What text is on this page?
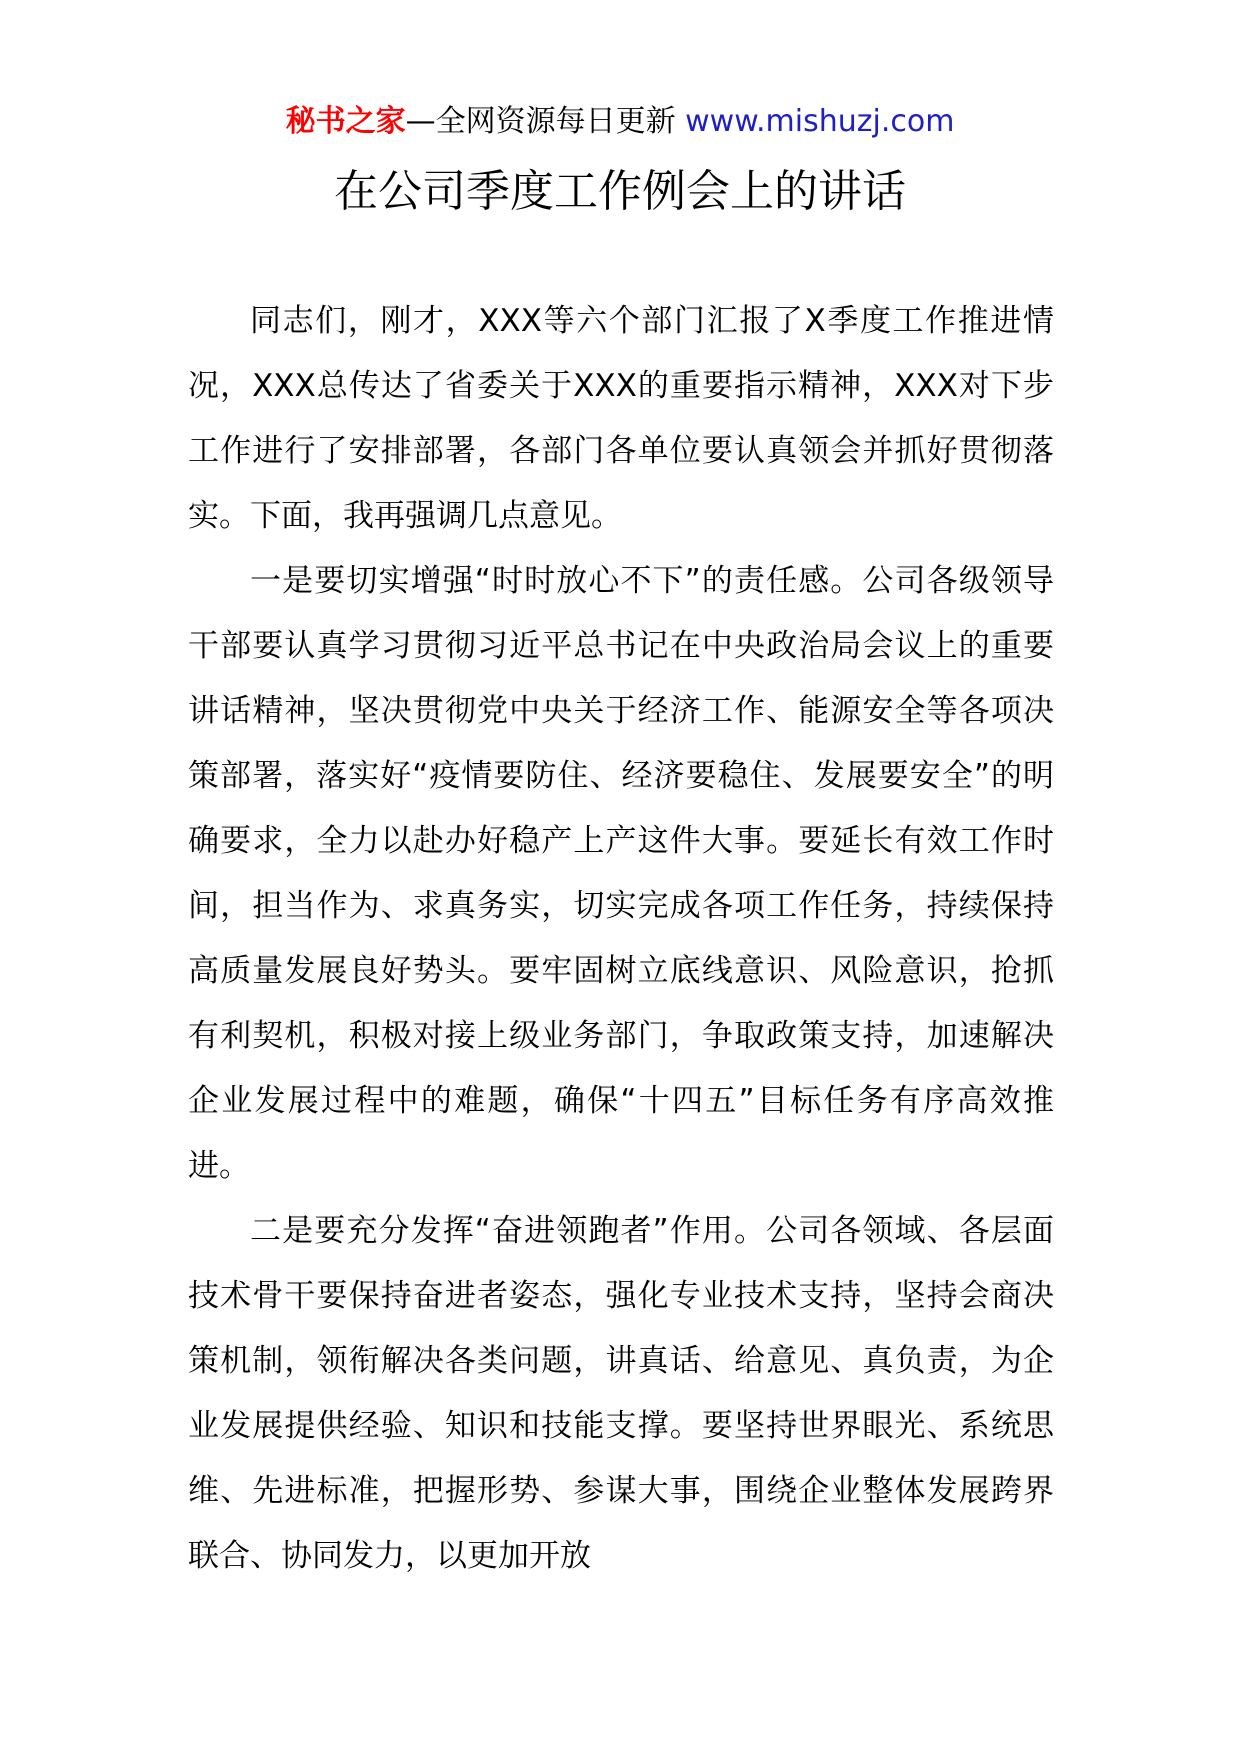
秘书之家—全网资源每日更新 www.mishuzj.com
在公司季度工作例会上的讲话

同志们，刚才，XXX等六个部门汇报了X季度工作推进情况，XXX总传达了省委关于XXX的重要指示精神，XXX对下步工作进行了安排部署，各部门各单位要认真领会并抓好贯彻落实。下面，我再强调几点意见。

一是要切实增强“时时放心不下”的责任感。公司各级领导干部要认真学习贯彻习近平总书记在中央政治局会议上的重要讲话精神，坚决贯彻党中央关于经济工作、能源安全等各项决策部署，落实好“疫情要防住、经济要稳住、发展要安全”的明确要求，全力以赴办好稳产上产这件大事。要延长有效工作时间，担当作为、求真务实，切实完成各项工作任务，持续保持高质量发展良好势头。要牢固树立底线意识、风险意识，抢抓有利契机，积极对接上级业务部门，争取政策支持，加速解决企业发展过程中的难题，确保“十四五”目标任务有序高效推进。

二是要充分发挥“奋进领跑者”作用。公司各领域、各层面技术骨干要保持奋进者姿态，强化专业技术支持，坚持会商决策机制，领衔解决各类问题，讲真话、给意见、真负责，为企业发展提供经验、知识和技能支撑。要坚持世界眼光、系统思维、先进标准，把握形势、参谋大事，围绕企业整体发展跨界联合、协同发力，以更加开放
